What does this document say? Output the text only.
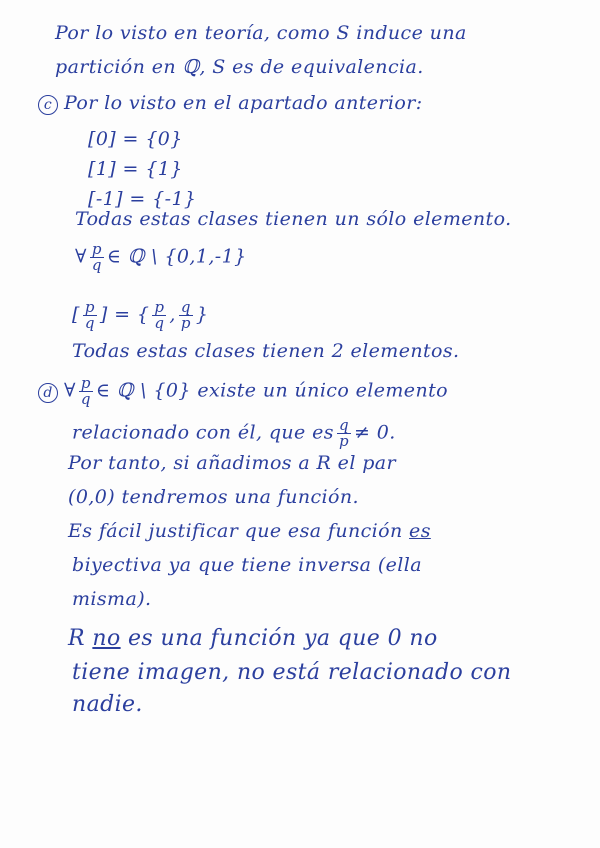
Por lo visto en teoría, como S induce una
partición en ℚ, S es de equivalencia.
c Por lo visto en el apartado anterior:
[0] = {0}
[1] = {1}
[-1] = {-1}
Todas estas clases tienen un sólo elemento.
∀ $\frac{p}{q}$ ∈ ℚ \ {0,1,-1}
[ $\frac{p}{q}$ ] = { $\frac{p}{q}$ , $\frac{q}{p}$ }
Todas estas clases tienen 2 elementos.
d ∀ $\frac{p}{q}$ ∈ ℚ \ {0} existe un único elemento
relacionado con él, que es $\frac{q}{p} \ne 0$.
Por tanto, si añadimos a R el par
(0,0) tendremos una función.
Es fácil justificar que esa función es
biyectiva ya que tiene inversa (ella
misma).
R no es una función ya que 0 no
tiene imagen, no está relacionado con
nadie.
